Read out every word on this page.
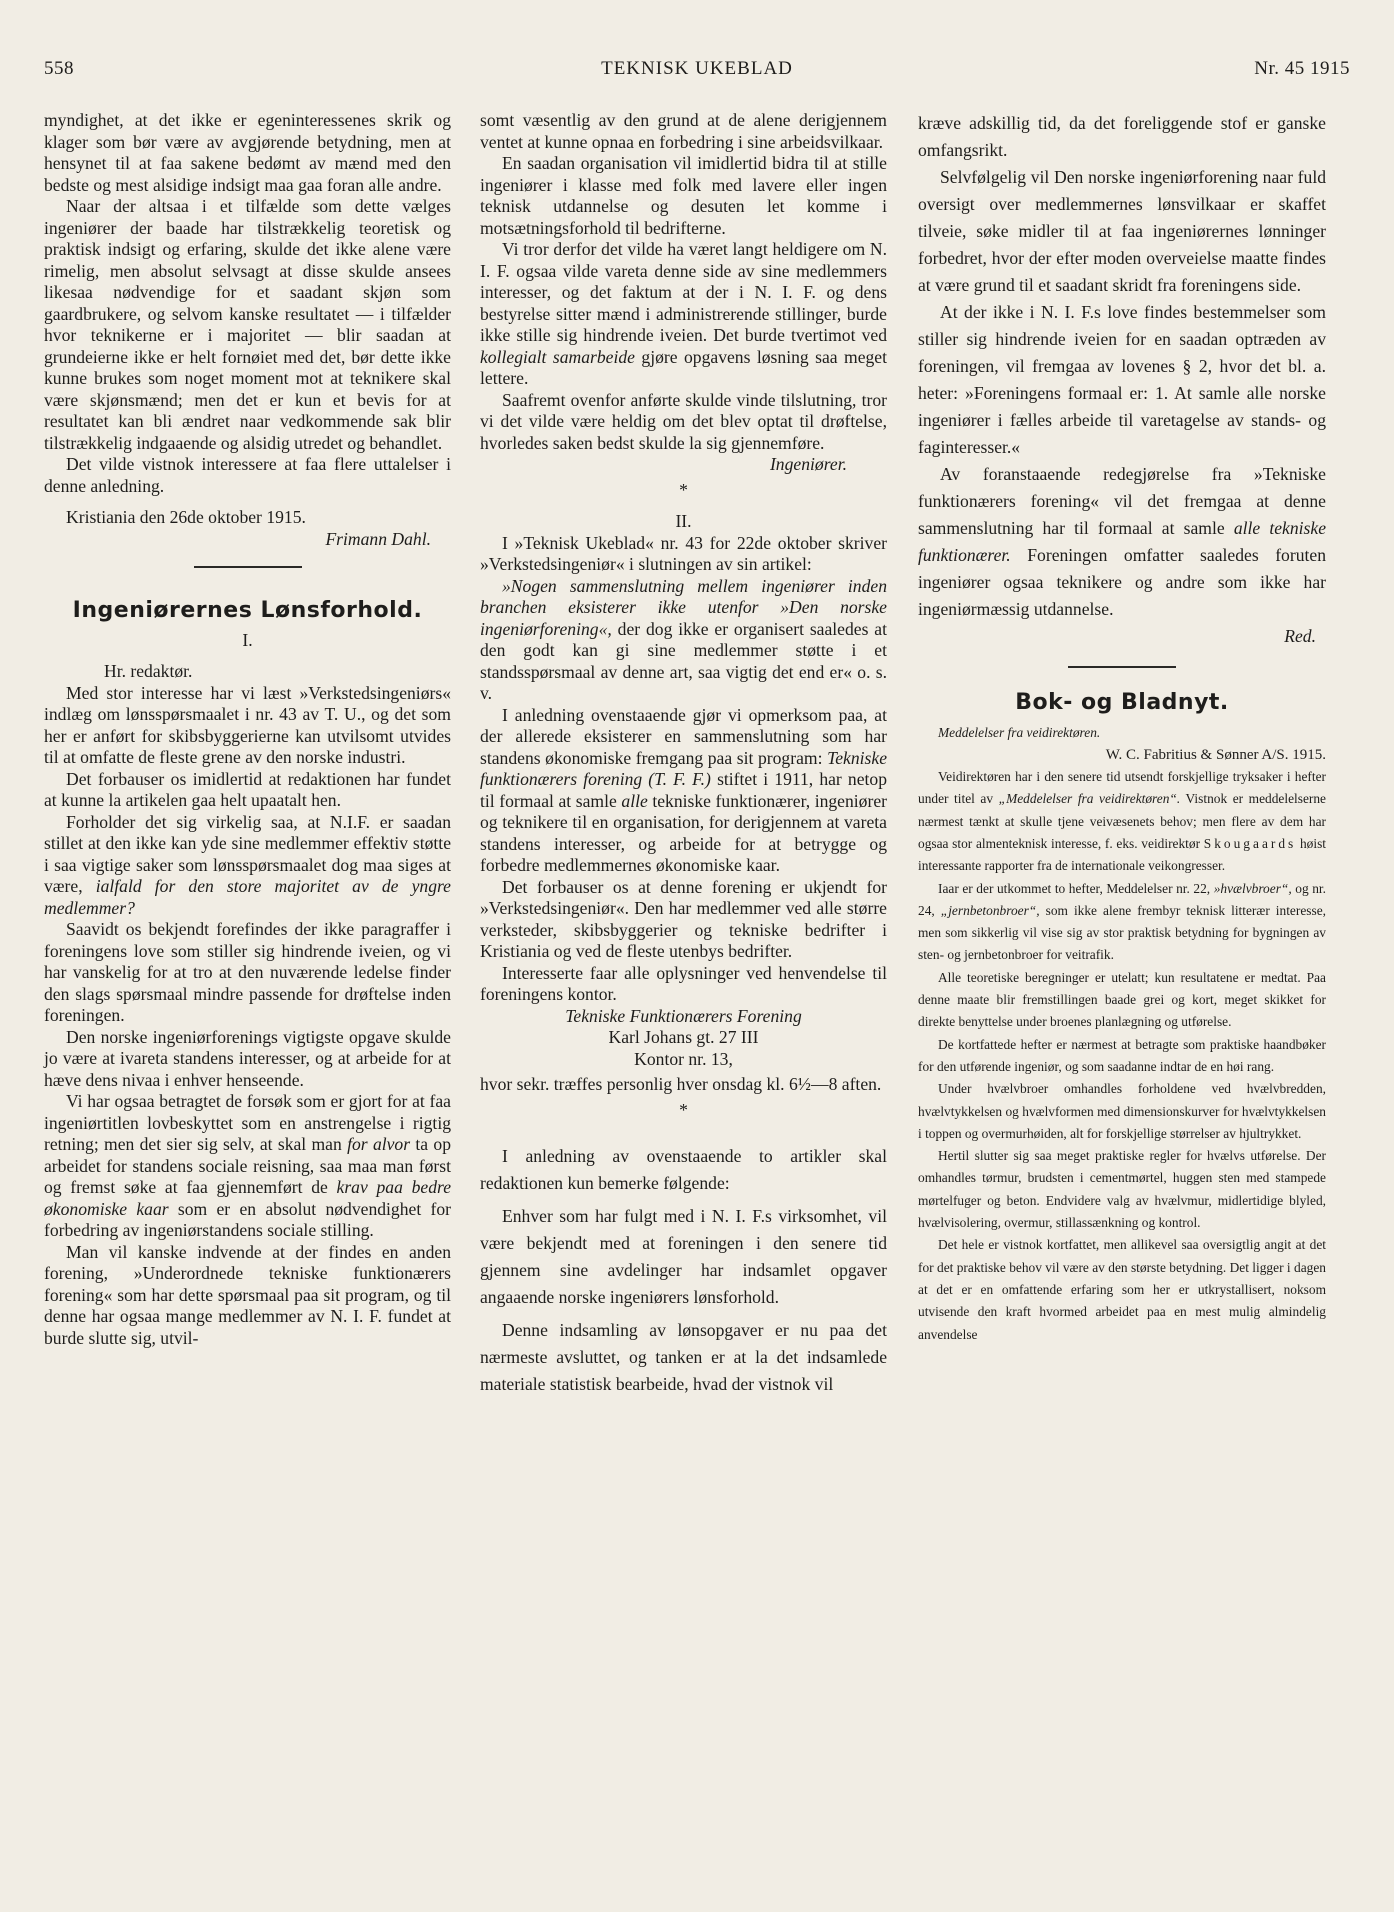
558	TEKNISK UKEBLAD	Nr. 45 1915

myndighet, at det ikke er egeninteressenes skrik og klager som bør være av avgjørende betydning, men at hensynet til at faa sakene bedømt av mænd med den bedste og mest alsidige indsigt maa gaa foran alle andre.

Naar der altsaa i et tilfælde som dette vælges ingeniører der baade har tilstrækkelig teoretisk og praktisk indsigt og erfaring, skulde det ikke alene være rimelig, men absolut selvsagt at disse skulde ansees likesaa nødvendige for et saadant skjøn som gaardbrukere, og selvom kanske resultatet — i tilfælder hvor teknikerne er i majoritet — blir saadan at grundeierne ikke er helt fornøiet med det, bør dette ikke kunne brukes som noget moment mot at teknikere skal være skjønsmænd; men det er kun et bevis for at resultatet kan bli ændret naar vedkommende sak blir tilstrækkelig indgaaende og alsidig utredet og behandlet.

Det vilde vistnok interessere at faa flere uttalelser i denne anledning.

Kristiania den 26de oktober 1915.

Frimann Dahl.

Ingeniørernes Lønsforhold.

I.

Hr. redaktør.

Med stor interesse har vi læst »Verkstedsingeniørs« indlæg om lønsspørsmaalet i nr. 43 av T. U., og det som her er anført for skibsbyggerierne kan utvilsomt utvides til at omfatte de fleste grene av den norske industri.

Det forbauser os imidlertid at redaktionen har fundet at kunne la artikelen gaa helt upaatalt hen.

Forholder det sig virkelig saa, at N.I.F. er saadan stillet at den ikke kan yde sine medlemmer effektiv støtte i saa vigtige saker som lønsspørsmaalet dog maa siges at være, ialfald for den store majoritet av de yngre medlemmer?

Saavidt os bekjendt forefindes der ikke paragraffer i foreningens love som stiller sig hindrende iveien, og vi har vanskelig for at tro at den nuværende ledelse finder den slags spørsmaal mindre passende for drøftelse inden foreningen.

Den norske ingeniørforenings vigtigste opgave skulde jo være at ivareta standens interesser, og at arbeide for at hæve dens nivaa i enhver henseende.

Vi har ogsaa betragtet de forsøk som er gjort for at faa ingeniørtitlen lovbeskyttet som en anstrengelse i rigtig retning; men det sier sig selv, at skal man for alvor ta op arbeidet for standens sociale reisning, saa maa man først og fremst søke at faa gjennemført de krav paa bedre økonomiske kaar som er en absolut nødvendighet for forbedring av ingeniørstandens sociale stilling.

Man vil kanske indvende at der findes en anden forening, »Underordnede tekniske funktionærers forening« som har dette spørsmaal paa sit program, og til denne har ogsaa mange medlemmer av N. I. F. fundet at burde slutte sig, utvil-

somt væsentlig av den grund at de alene derigjennem ventet at kunne opnaa en forbedring i sine arbeidsvilkaar.

En saadan organisation vil imidlertid bidra til at stille ingeniører i klasse med folk med lavere eller ingen teknisk utdannelse og desuten let komme i motsætningsforhold til bedrifterne.

Vi tror derfor det vilde ha været langt heldigere om N. I. F. ogsaa vilde vareta denne side av sine medlemmers interesser, og det faktum at der i N. I. F. og dens bestyrelse sitter mænd i administrerende stillinger, burde ikke stille sig hindrende iveien. Det burde tvertimot ved kollegialt samarbeide gjøre opgavens løsning saa meget lettere.

Saafremt ovenfor anførte skulde vinde tilslutning, tror vi det vilde være heldig om det blev optat til drøftelse, hvorledes saken bedst skulde la sig gjennemføre.

Ingeniører.

*

II.

I »Teknisk Ukeblad« nr. 43 for 22de oktober skriver »Verkstedsingeniør« i slutningen av sin artikel:

»Nogen sammenslutning mellem ingeniører inden branchen eksisterer ikke utenfor »Den norske ingeniørforening«, der dog ikke er organisert saaledes at den godt kan gi sine medlemmer støtte i et standsspørsmaal av denne art, saa vigtig det end er« o. s. v.

I anledning ovenstaaende gjør vi opmerksom paa, at der allerede eksisterer en sammenslutning som har standens økonomiske fremgang paa sit program: Tekniske funktionærers forening (T. F. F.) stiftet i 1911, har netop til formaal at samle alle tekniske funktionærer, ingeniører og teknikere til en organisation, for derigjennem at vareta standens interesser, og arbeide for at betrygge og forbedre medlemmernes økonomiske kaar.

Det forbauser os at denne forening er ukjendt for »Verkstedsingeniør«. Den har medlemmer ved alle større verksteder, skibsbyggerier og tekniske bedrifter i Kristiania og ved de fleste utenbys bedrifter.

Interesserte faar alle oplysninger ved henvendelse til foreningens kontor.

Tekniske Funktionærers Forening

Karl Johans gt. 27 III

Kontor nr. 13,

hvor sekr. træffes personlig hver onsdag kl. 6½—8 aften.

*

I anledning av ovenstaaende to artikler skal redaktionen kun bemerke følgende:

Enhver som har fulgt med i N. I. F.s virksomhet, vil være bekjendt med at foreningen i den senere tid gjennem sine avdelinger har indsamlet opgaver angaaende norske ingeniørers lønsforhold.

Denne indsamling av lønsopgaver er nu paa det nærmeste avsluttet, og tanken er at la det indsamlede materiale statistisk bearbeide, hvad der vistnok vil

kræve adskillig tid, da det foreliggende stof er ganske omfangsrikt.

Selvfølgelig vil Den norske ingeniørforening naar fuld oversigt over medlemmernes lønsvilkaar er skaffet tilveie, søke midler til at faa ingeniørernes lønninger forbedret, hvor der efter moden overveielse maatte findes at være grund til et saadant skridt fra foreningens side.

At der ikke i N. I. F.s love findes bestemmelser som stiller sig hindrende iveien for en saadan optræden av foreningen, vil fremgaa av lovenes § 2, hvor det bl. a. heter: »Foreningens formaal er: 1. At samle alle norske ingeniører i fælles arbeide til varetagelse av stands- og faginteresser.«

Av foranstaaende redegjørelse fra »Tekniske funktionærers forening« vil det fremgaa at denne sammenslutning har til formaal at samle alle tekniske funktionærer. Foreningen omfatter saaledes foruten ingeniører ogsaa teknikere og andre som ikke har ingeniørmæssig utdannelse.

Red.

Bok- og Bladnyt.

Meddelelser fra veidirektøren.

W. C. Fabritius & Sønner A/S. 1915.

Veidirektøren har i den senere tid utsendt forskjellige tryksaker i hefter under titel av „Meddelelser fra veidirektøren“. Vistnok er meddelelserne nærmest tænkt at skulle tjene veivæsenets behov; men flere av dem har ogsaa stor almenteknisk interesse, f. eks. veidirektør Skougaards høist interessante rapporter fra de internationale veikongresser.

Iaar er der utkommet to hefter, Meddelelser nr. 22, »hvælvbroer“, og nr. 24, „jernbetonbroer“, som ikke alene frembyr teknisk litterær interesse, men som sikkerlig vil vise sig av stor praktisk betydning for bygningen av sten- og jernbetonbroer for veitrafik.

Alle teoretiske beregninger er utelatt; kun resultatene er medtat. Paa denne maate blir fremstillingen baade grei og kort, meget skikket for direkte benyttelse under broenes planlægning og utførelse.

De kortfattede hefter er nærmest at betragte som praktiske haandbøker for den utførende ingeniør, og som saadanne indtar de en høi rang.

Under hvælvbroer omhandles forholdene ved hvælvbredden, hvælvtykkelsen og hvælvformen med dimensionskurver for hvælvtykkelsen i toppen og overmurhøiden, alt for forskjellige størrelser av hjultrykket.

Hertil slutter sig saa meget praktiske regler for hvælvs utførelse. Der omhandles tørmur, brudsten i cementmørtel, huggen sten med stampede mørtelfuger og beton. Endvidere valg av hvælvmur, midlertidige blyled, hvælvisolering, overmur, stillassænkning og kontrol.

Det hele er vistnok kortfattet, men allikevel saa oversigtlig angit at det for det praktiske behov vil være av den største betydning. Det ligger i dagen at det er en omfattende erfaring som her er utkrystallisert, noksom utvisende den kraft hvormed arbeidet paa en mest mulig almindelig anvendelse
